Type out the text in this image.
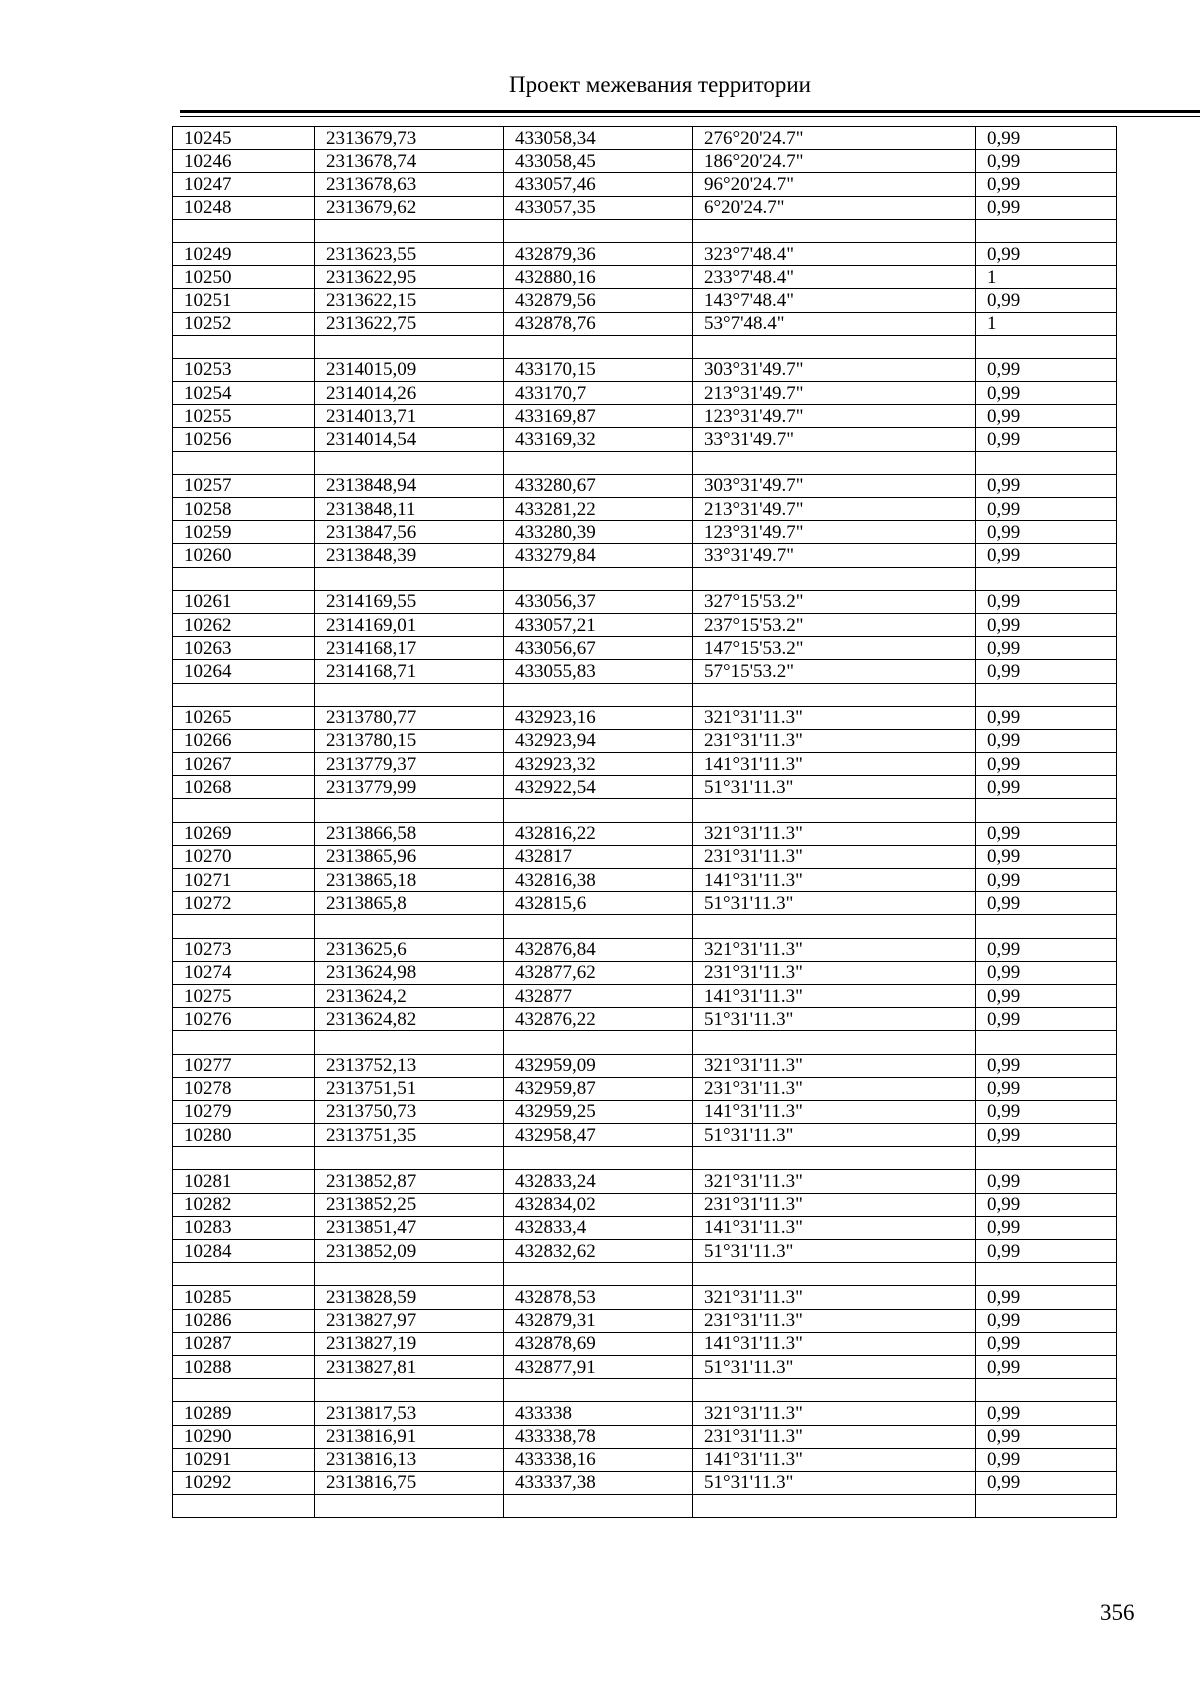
Проект межевания территории
10245	2313679,73	433058,34	276°20'24.7"	0,99
10246	2313678,74	433058,45	186°20'24.7"	0,99
10247	2313678,63	433057,46	96°20'24.7"	0,99
10248	2313679,62	433057,35	6°20'24.7"	0,99

10249	2313623,55	432879,36	323°7'48.4"	0,99
10250	2313622,95	432880,16	233°7'48.4"	1
10251	2313622,15	432879,56	143°7'48.4"	0,99
10252	2313622,75	432878,76	53°7'48.4"	1

10253	2314015,09	433170,15	303°31'49.7"	0,99
10254	2314014,26	433170,7	213°31'49.7"	0,99
10255	2314013,71	433169,87	123°31'49.7"	0,99
10256	2314014,54	433169,32	33°31'49.7"	0,99

10257	2313848,94	433280,67	303°31'49.7"	0,99
10258	2313848,11	433281,22	213°31'49.7"	0,99
10259	2313847,56	433280,39	123°31'49.7"	0,99
10260	2313848,39	433279,84	33°31'49.7"	0,99

10261	2314169,55	433056,37	327°15'53.2"	0,99
10262	2314169,01	433057,21	237°15'53.2"	0,99
10263	2314168,17	433056,67	147°15'53.2"	0,99
10264	2314168,71	433055,83	57°15'53.2"	0,99

10265	2313780,77	432923,16	321°31'11.3"	0,99
10266	2313780,15	432923,94	231°31'11.3"	0,99
10267	2313779,37	432923,32	141°31'11.3"	0,99
10268	2313779,99	432922,54	51°31'11.3"	0,99

10269	2313866,58	432816,22	321°31'11.3"	0,99
10270	2313865,96	432817	231°31'11.3"	0,99
10271	2313865,18	432816,38	141°31'11.3"	0,99
10272	2313865,8	432815,6	51°31'11.3"	0,99

10273	2313625,6	432876,84	321°31'11.3"	0,99
10274	2313624,98	432877,62	231°31'11.3"	0,99
10275	2313624,2	432877	141°31'11.3"	0,99
10276	2313624,82	432876,22	51°31'11.3"	0,99

10277	2313752,13	432959,09	321°31'11.3"	0,99
10278	2313751,51	432959,87	231°31'11.3"	0,99
10279	2313750,73	432959,25	141°31'11.3"	0,99
10280	2313751,35	432958,47	51°31'11.3"	0,99

10281	2313852,87	432833,24	321°31'11.3"	0,99
10282	2313852,25	432834,02	231°31'11.3"	0,99
10283	2313851,47	432833,4	141°31'11.3"	0,99
10284	2313852,09	432832,62	51°31'11.3"	0,99

10285	2313828,59	432878,53	321°31'11.3"	0,99
10286	2313827,97	432879,31	231°31'11.3"	0,99
10287	2313827,19	432878,69	141°31'11.3"	0,99
10288	2313827,81	432877,91	51°31'11.3"	0,99

10289	2313817,53	433338	321°31'11.3"	0,99
10290	2313816,91	433338,78	231°31'11.3"	0,99
10291	2313816,13	433338,16	141°31'11.3"	0,99
10292	2313816,75	433337,38	51°31'11.3"	0,99

356
